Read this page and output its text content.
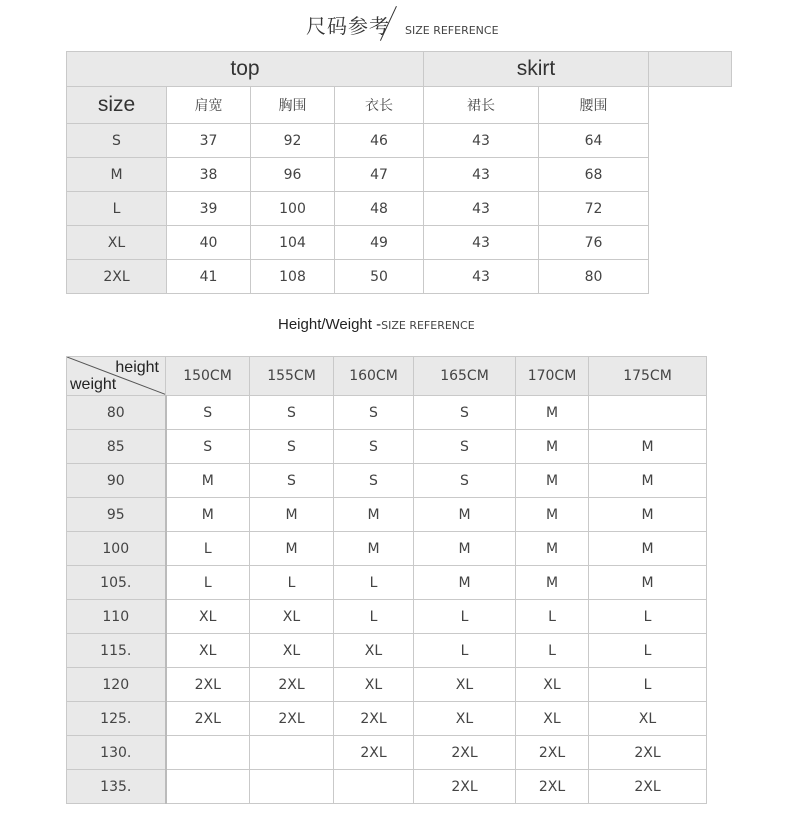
尺码参考 SIZE REFERENCE
top				skirt		
size	肩宽	胸围	衣长	裙长	腰围	
S	37	92	46	43	64	
M	38	96	47	43	68	
L	39	100	48	43	72	
XL	40	104	49	43	76	
2XL	41	108	50	43	80	
Height/Weight -SIZE REFERENCE
height
weight	150CM	155CM	160CM	165CM	170CM	175CM
80	S	S	S	S	M	
85	S	S	S	S	M	M
90	M	S	S	S	M	M
95	M	M	M	M	M	M
100	L	M	M	M	M	M
105.	L	L	L	M	M	M
110	XL	XL	L	L	L	L
115.	XL	XL	XL	L	L	L
120	2XL	2XL	XL	XL	XL	L
125.	2XL	2XL	2XL	XL	XL	XL
130.			2XL	2XL	2XL	2XL
135.				2XL	2XL	2XL
